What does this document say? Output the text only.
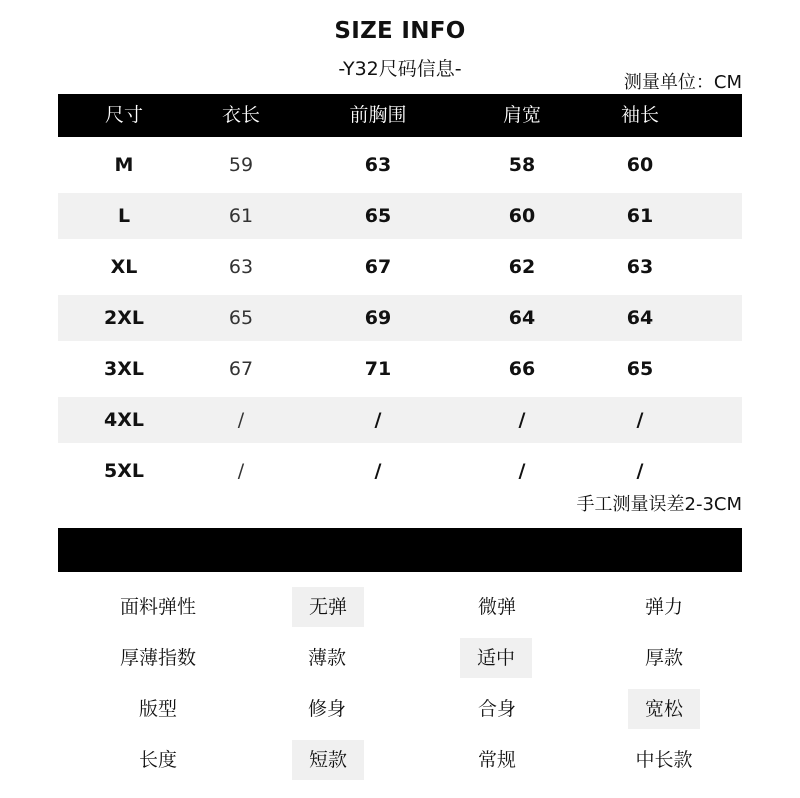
SIZE INFO
-Y32尺码信息-
测量单位：CM
尺寸	衣长	前胸围	肩宽	袖长
M	59	63	58	60
L	61	65	60	61
XL	63	67	62	63
2XL	65	69	64	64
3XL	67	71	66	65
4XL	/	/	/	/
5XL	/	/	/	/
手工测量误差2-3CM
面料弹性	无弹	微弹	弹力
厚薄指数	薄款	适中	厚款
版型	修身	合身	宽松
长度	短款	常规	中长款
